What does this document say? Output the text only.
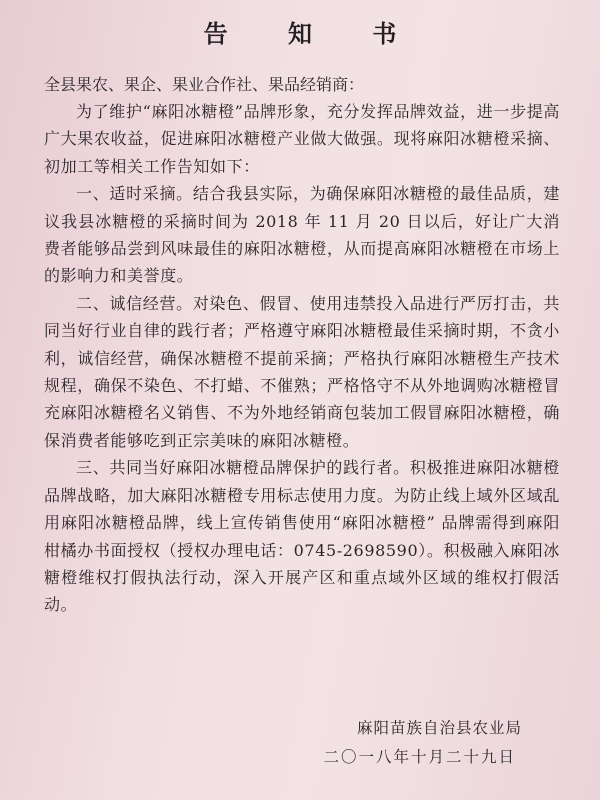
告 知 书
全县果农、果企、果业合作社、果品经销商：

为了维护“麻阳冰糖橙”品牌形象，充分发挥品牌效益，进一步提高广大果农收益，促进麻阳冰糖橙产业做大做强。现将麻阳冰糖橙采摘、初加工等相关工作告知如下：

一、适时采摘。结合我县实际，为确保麻阳冰糖橙的最佳品质，建议我县冰糖橙的采摘时间为 2018 年 11 月 20 日以后，好让广大消费者能够品尝到风味最佳的麻阳冰糖橙，从而提高麻阳冰糖橙在市场上的影响力和美誉度。

二、诚信经营。对染色、假冒、使用违禁投入品进行严厉打击，共同当好行业自律的践行者；严格遵守麻阳冰糖橙最佳采摘时期，不贪小利，诚信经营，确保冰糖橙不提前采摘；严格执行麻阳冰糖橙生产技术规程，确保不染色、不打蜡、不催熟；严格恪守不从外地调购冰糖橙冒充麻阳冰糖橙名义销售、不为外地经销商包装加工假冒麻阳冰糖橙，确保消费者能够吃到正宗美味的麻阳冰糖橙。

三、共同当好麻阳冰糖橙品牌保护的践行者。积极推进麻阳冰糖橙品牌战略，加大麻阳冰糖橙专用标志使用力度。为防止线上域外区域乱用麻阳冰糖橙品牌，线上宣传销售使用“麻阳冰糖橙” 品牌需得到麻阳柑橘办书面授权（授权办理电话：0745-2698590）。积极融入麻阳冰糖橙维权打假执法行动，深入开展产区和重点域外区域的维权打假活动。

麻阳苗族自治县农业局
二〇一八年十月二十九日
